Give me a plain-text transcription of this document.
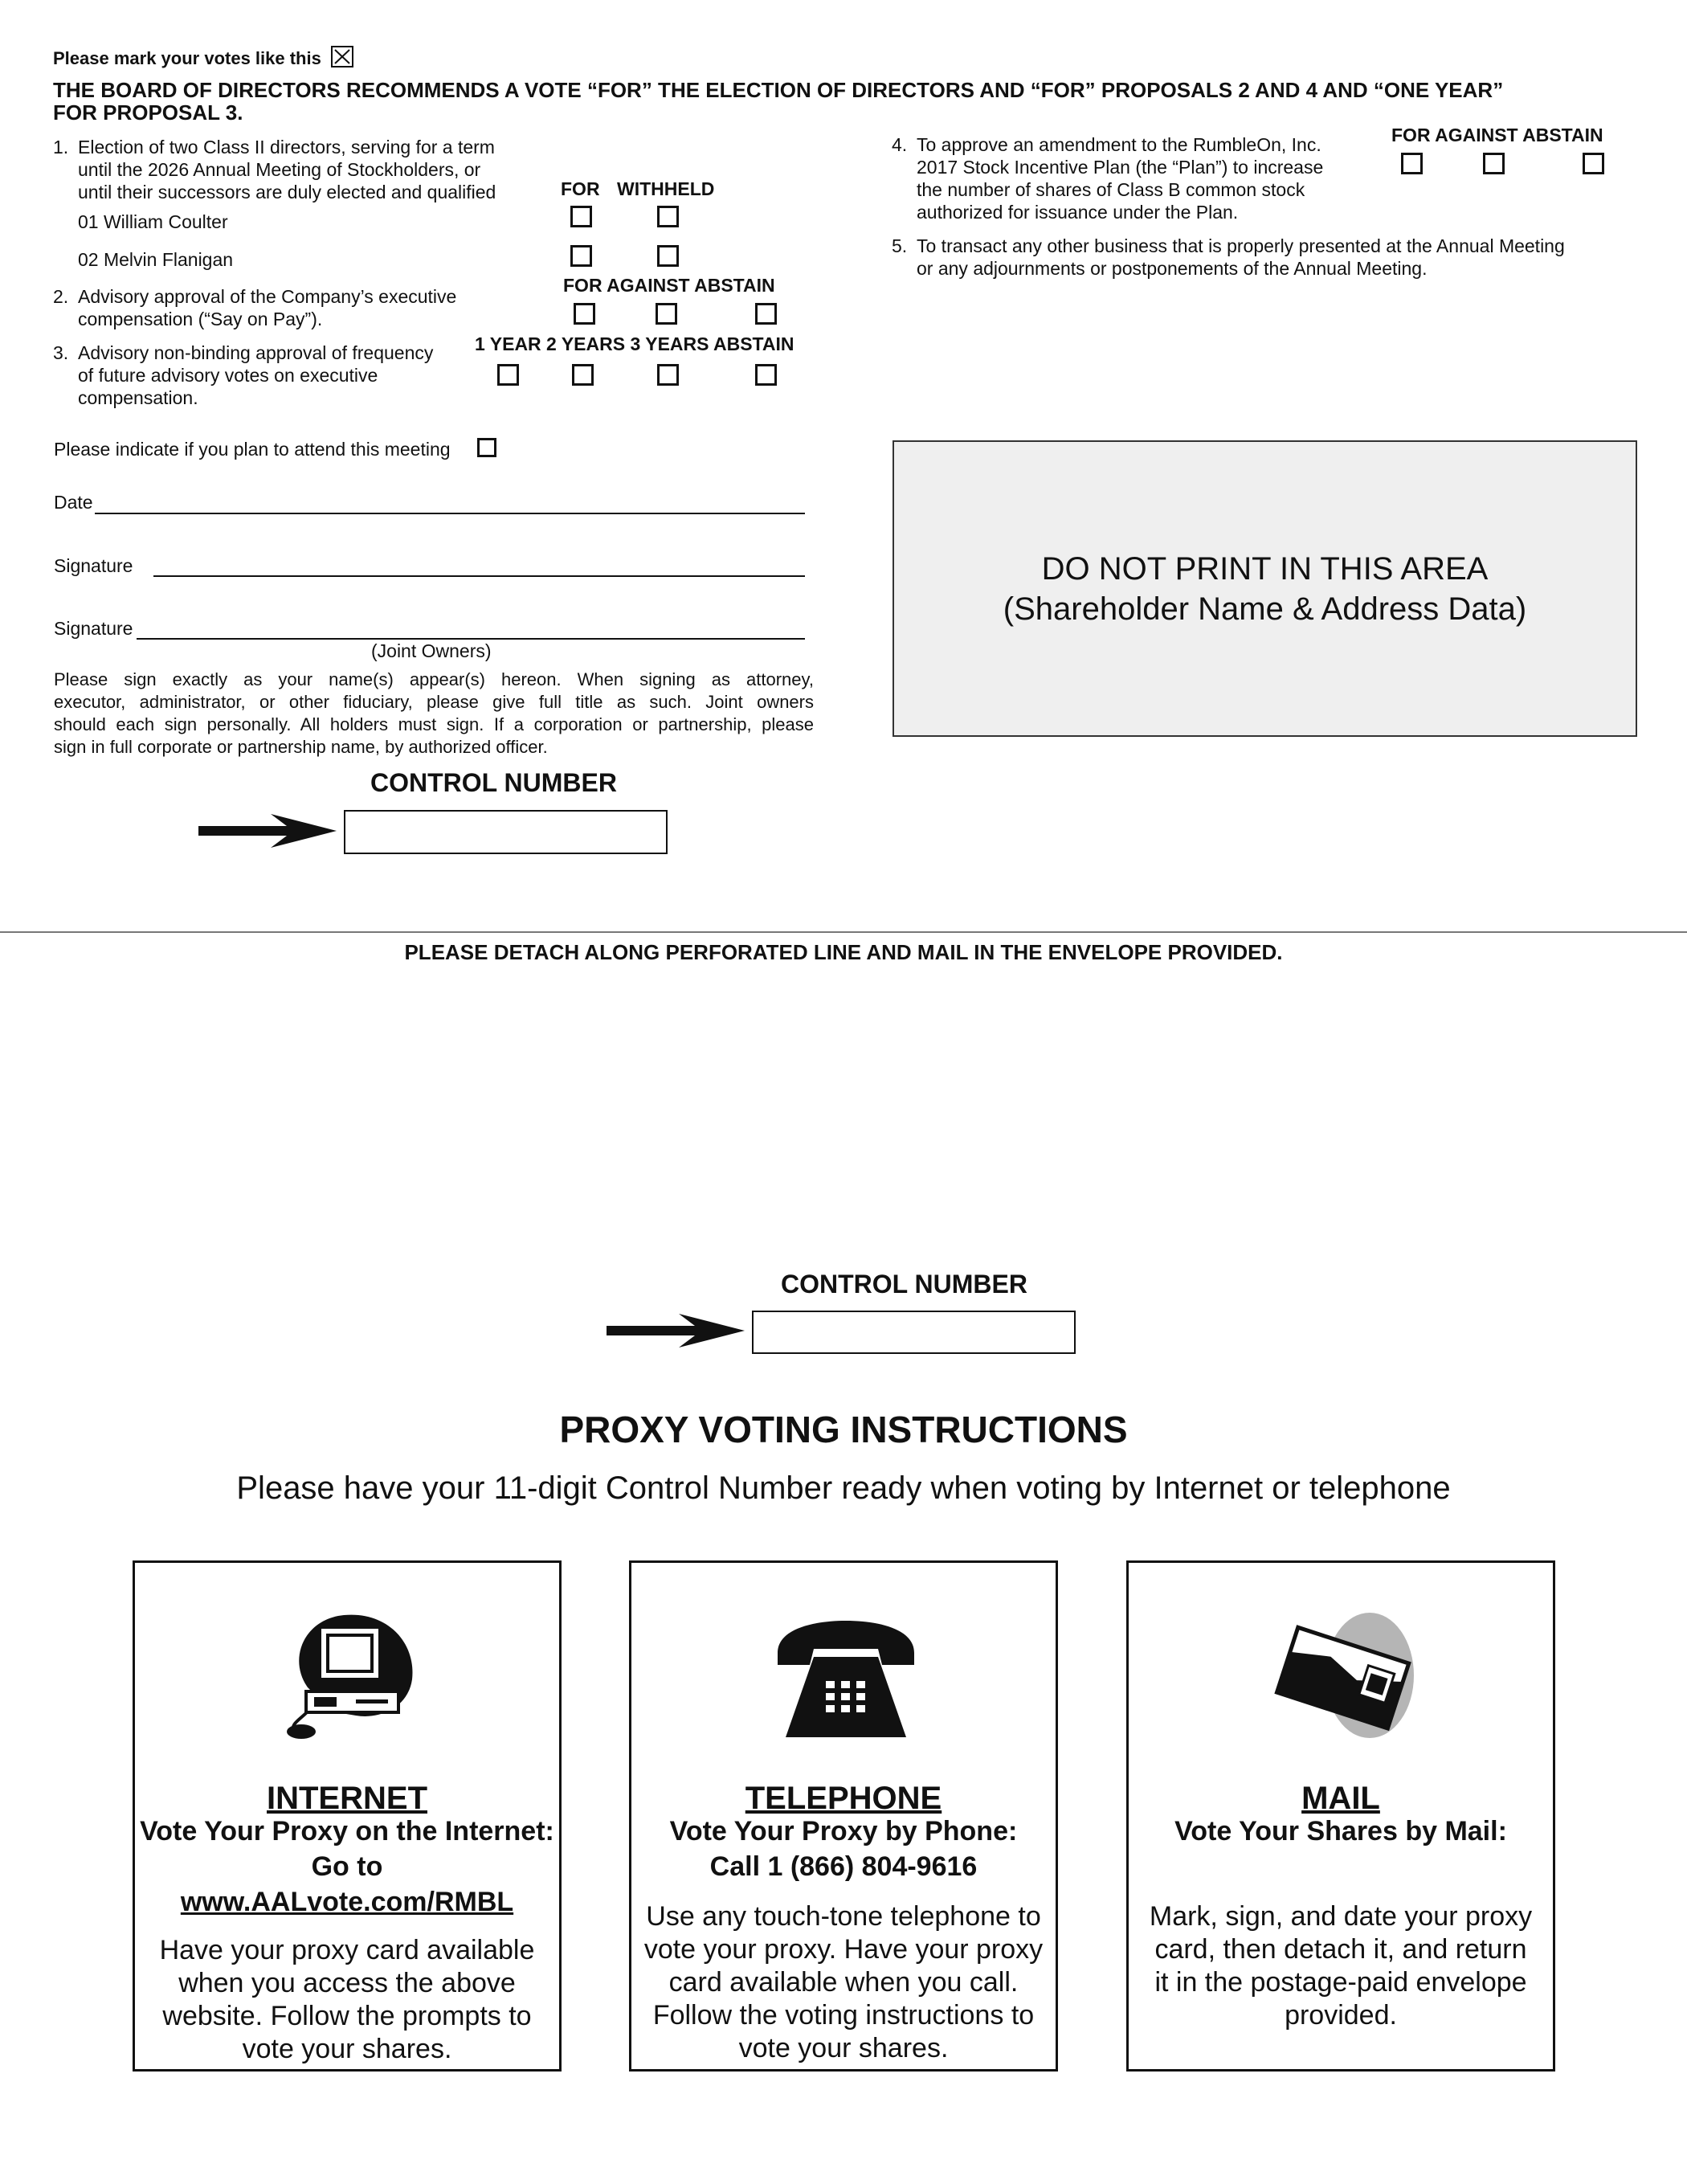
Please mark your votes like this
THE BOARD OF DIRECTORS RECOMMENDS A VOTE “FOR” THE ELECTION OF DIRECTORS AND “FOR” PROPOSALS 2 AND 4 AND “ONE YEAR”
FOR PROPOSAL 3.
1. Election of two Class II directors, serving for a term
until the 2026 Annual Meeting of Stockholders, or
until their successors are duly elected and qualified	FOR WITHHELD
01 William Coulter
02 Melvin Flanigan
FOR AGAINST ABSTAIN
2. Advisory approval of the Company’s executive
compensation (“Say on Pay”).
1 YEAR 2 YEARS 3 YEARS ABSTAIN
3. Advisory non-binding approval of frequency
of future advisory votes on executive
compensation.
4. To approve an amendment to the RumbleOn, Inc.
2017 Stock Incentive Plan (the “Plan”) to increase
the number of shares of Class B common stock
authorized for issuance under the Plan.
FOR AGAINST ABSTAIN
5. To transact any other business that is properly presented at the Annual Meeting
or any adjournments or postponements of the Annual Meeting.
Please indicate if you plan to attend this meeting
Date
Signature
Signature
(Joint Owners)
Please sign exactly as your name(s) appear(s) hereon. When signing as attorney,
executor, administrator, or other fiduciary, please give full title as such. Joint owners
should each sign personally. All holders must sign. If a corporation or partnership, please
sign in full corporate or partnership name, by authorized officer.
DO NOT PRINT IN THIS AREA
(Shareholder Name & Address Data)
CONTROL NUMBER
PLEASE DETACH ALONG PERFORATED LINE AND MAIL IN THE ENVELOPE PROVIDED.
CONTROL NUMBER
PROXY VOTING INSTRUCTIONS
Please have your 11-digit Control Number ready when voting by Internet or telephone
INTERNET
Vote Your Proxy on the Internet:
Go to
www.AALvote.com/RMBL
Have your proxy card available
when you access the above
website. Follow the prompts to
vote your shares.
TELEPHONE
Vote Your Proxy by Phone:
Call 1 (866) 804-9616
Use any touch-tone telephone to
vote your proxy. Have your proxy
card available when you call.
Follow the voting instructions to
vote your shares.
MAIL
Vote Your Shares by Mail:
Mark, sign, and date your proxy
card, then detach it, and return
it in the postage-paid envelope
provided.
